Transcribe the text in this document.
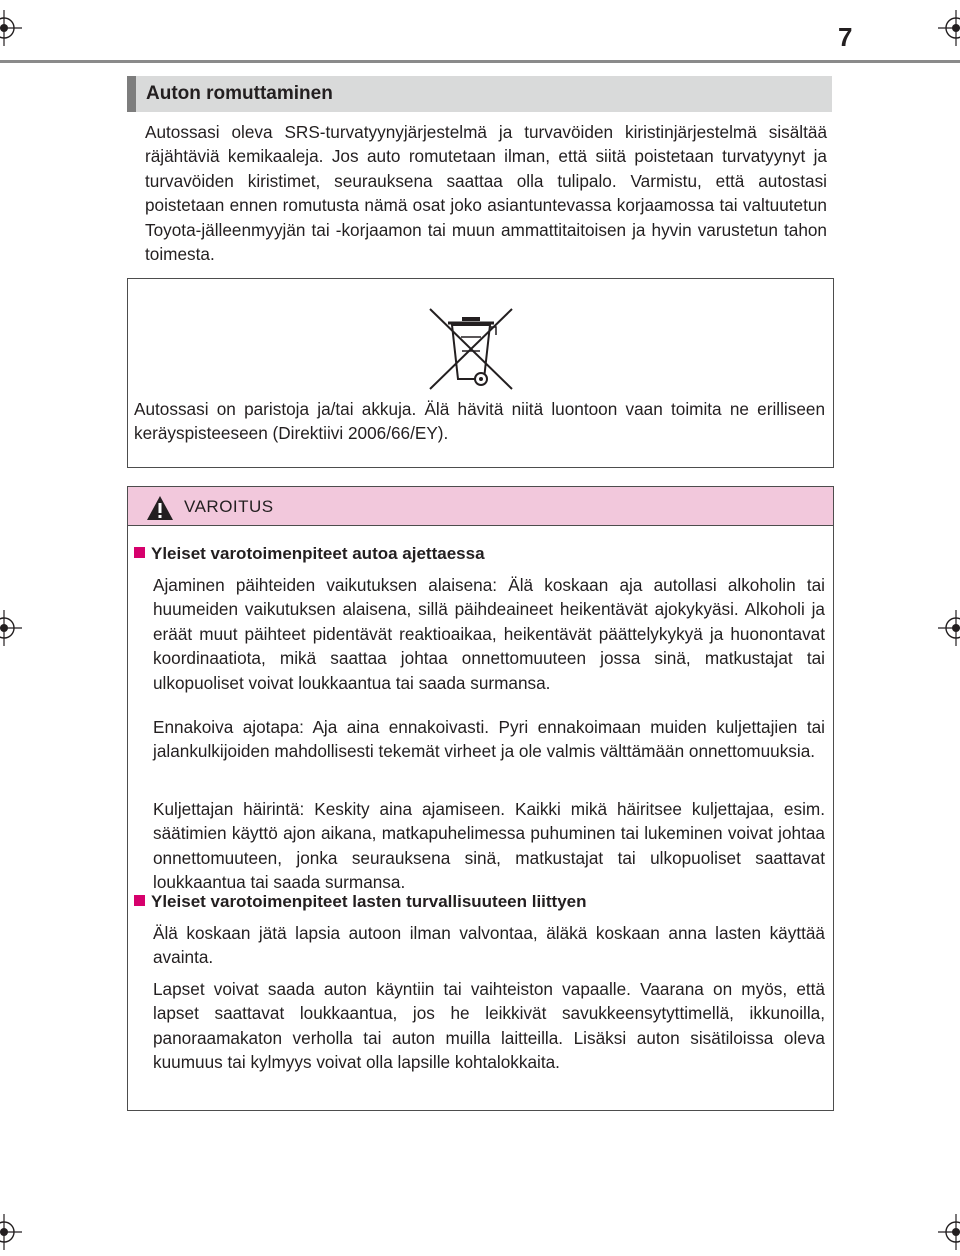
7
Auton romuttaminen
Autossasi oleva SRS-turvatyynyjärjestelmä ja turvavöiden kiristinjärjestelmä sisältää räjähtäviä kemikaaleja. Jos auto romutetaan ilman, että siitä poistetaan turvatyynyt ja turvavöiden kiristimet, seurauksena saattaa olla tulipalo. Varmistu, että autostasi poistetaan ennen romutusta nämä osat joko asiantuntevassa korjaamossa tai valtuutetun Toyota-jälleenmyyjän tai -korjaamon tai muun ammattitaitoisen ja hyvin varustetun tahon toimesta.
Autossasi on paristoja ja/tai akkuja. Älä hävitä niitä luontoon vaan toimita ne erilliseen keräyspisteeseen (Direktiivi 2006/66/EY).
VAROITUS
Yleiset varotoimenpiteet autoa ajettaessa
Ajaminen päihteiden vaikutuksen alaisena: Älä koskaan aja autollasi alkoholin tai huumeiden vaikutuksen alaisena, sillä päihdeaineet heikentävät ajokykyäsi. Alkoholi ja eräät muut päihteet pidentävät reaktioaikaa, heikentävät päättelykykyä ja huonontavat koordinaatiota, mikä saattaa johtaa onnettomuuteen jossa sinä, matkustajat tai ulkopuoliset voivat loukkaantua tai saada surmansa.
Ennakoiva ajotapa: Aja aina ennakoivasti. Pyri ennakoimaan muiden kuljettajien tai jalankulkijoiden mahdollisesti tekemät virheet ja ole valmis välttämään onnettomuuksia.
Kuljettajan häirintä: Keskity aina ajamiseen. Kaikki mikä häiritsee kuljettajaa, esim. säätimien käyttö ajon aikana, matkapuhelimessa puhuminen tai lukeminen voivat johtaa onnettomuuteen, jonka seurauksena sinä, matkustajat tai ulkopuoliset saattavat loukkaantua tai saada surmansa.
Yleiset varotoimenpiteet lasten turvallisuuteen liittyen
Älä koskaan jätä lapsia autoon ilman valvontaa, äläkä koskaan anna lasten käyttää avainta.
Lapset voivat saada auton käyntiin tai vaihteiston vapaalle. Vaarana on myös, että lapset saattavat loukkaantua, jos he leikkivät savukkeensytyttimellä, ikkunoilla, panoraamakaton verholla tai auton muilla laitteilla. Lisäksi auton sisätiloissa oleva kuumuus tai kylmyys voivat olla lapsille kohtalokkaita.
